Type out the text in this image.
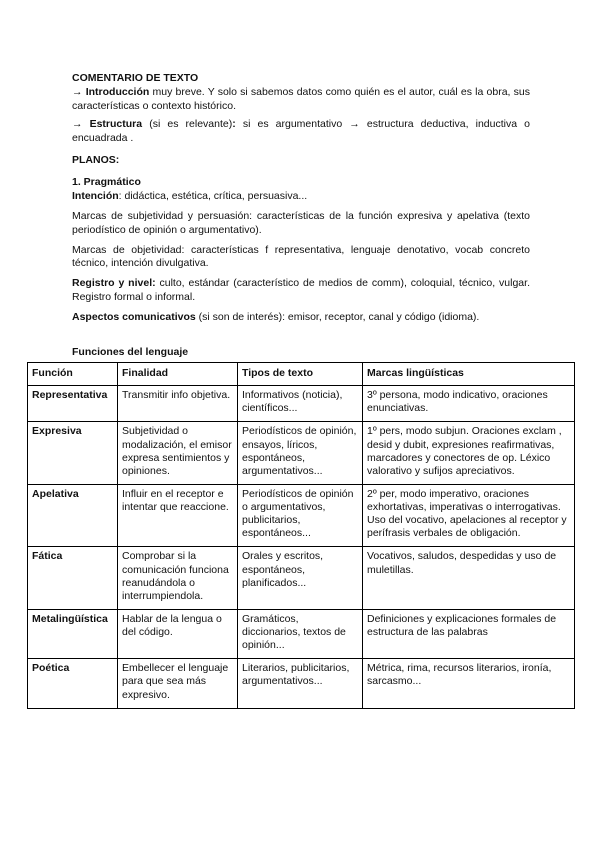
COMENTARIO DE TEXTO

→ Introducción muy breve. Y solo si sabemos datos como quién es el autor, cuál es la obra, sus características o contexto histórico.

→ Estructura (si es relevante): si es argumentativo → estructura deductiva, inductiva o encuadrada .

PLANOS:

1. Pragmático

Intención: didáctica, estética, crítica, persuasiva...

Marcas de subjetividad y persuasión: características de la función expresiva y apelativa (texto periodístico de opinión o argumentativo).

Marcas de objetividad: características f representativa, lenguaje denotativo, vocab concreto técnico, intención divulgativa.

Registro y nivel: culto, estándar (característico de medios de comm), coloquial, técnico, vulgar. Registro formal o informal.

Aspectos comunicativos (si son de interés): emisor, receptor, canal y código (idioma).

Funciones del lenguaje

Función	Finalidad	Tipos de texto	Marcas lingüísticas
Representativa	Transmitir info objetiva.	Informativos (noticia), científicos...	3º persona, modo indicativo, oraciones enunciativas.
Expresiva	Subjetividad o modalización, el emisor expresa sentimientos y opiniones.	Periodísticos de opinión, ensayos, líricos, espontáneos, argumentativos...	1º pers, modo subjun. Oraciones exclam , desid y dubit, expresiones reafirmativas, marcadores y conectores de op. Léxico valorativo y sufijos apreciativos.
Apelativa	Influir en el receptor e intentar que reaccione.	Periodísticos de opinión o argumentativos, publicitarios, espontáneos...	2º per, modo imperativo, oraciones exhortativas, imperativas o interrogativas. Uso del vocativo, apelaciones al receptor y perífrasis verbales de obligación.
Fática	Comprobar si la comunicación funciona reanudándola o interrumpiendola.	Orales y escritos, espontáneos, planificados...	Vocativos, saludos, despedidas y uso de muletillas.
Metalingüística	Hablar de la lengua o del código.	Gramáticos, diccionarios, textos de opinión...	Definiciones y explicaciones formales de estructura de las palabras
Poética	Embellecer el lenguaje para que sea más expresivo.	Literarios, publicitarios, argumentativos...	Métrica, rima, recursos literarios, ironía, sarcasmo...
